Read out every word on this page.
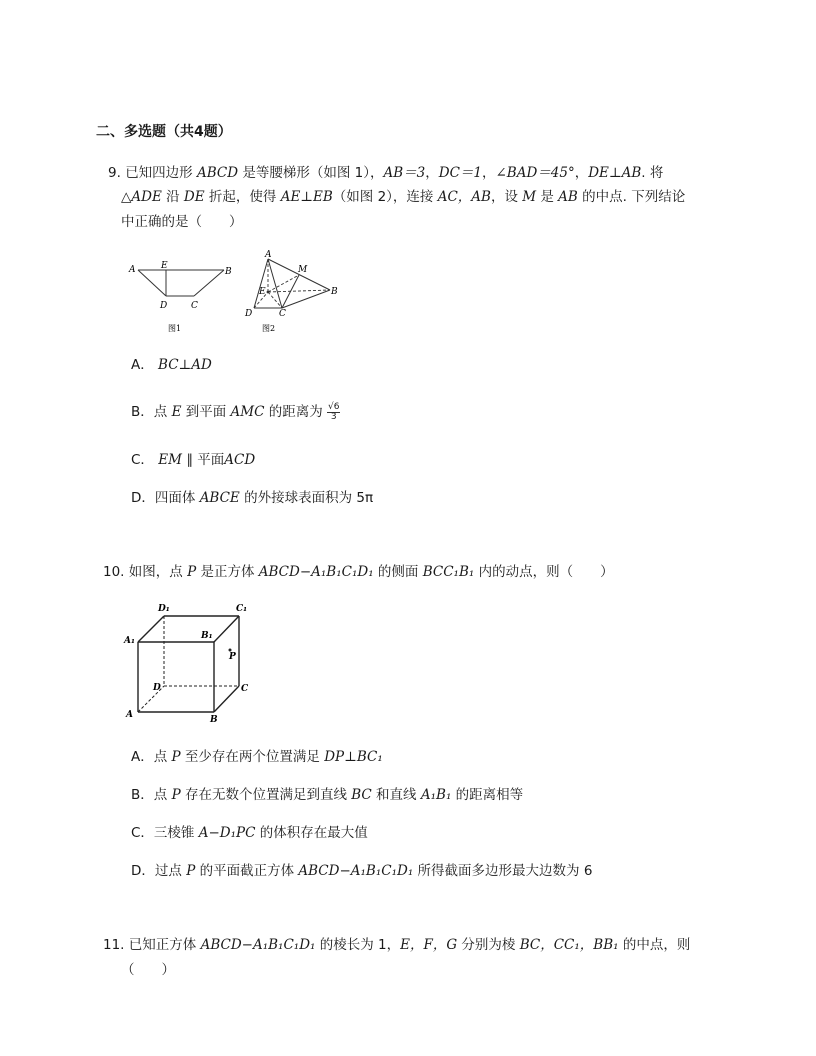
二、多选题（共4题）
9. 已知四边形 ABCD 是等腰梯形（如图 1），AB＝3，DC＝1，∠BAD＝45°，DE⊥AB. 将
△ADE 沿 DE 折起，使得 AE⊥EB（如图 2），连接 AC，AB，设 M 是 AB 的中点. 下列结论
中正确的是（　　）
A	E
B
D	C
图1
A
M
E	B
D	C
图2
A． BC⊥AD
B．点 E 到平面 AMC 的距离为 $\frac{√6}{3}$
C． EM ∥ 平面ACD
D．四面体 ABCE 的外接球表面积为 5π
10. 如图，点 P 是正方体 ABCD−A₁B₁C₁D₁ 的侧面 BCC₁B₁ 内的动点，则（　　）
D₁	C₁
A₁	B₁
P
D	C
A	B
A．点 P 至少存在两个位置满足 DP⊥BC₁
B．点 P 存在无数个位置满足到直线 BC 和直线 A₁B₁ 的距离相等
C．三棱锥 A−D₁PC 的体积存在最大值
D．过点 P 的平面截正方体 ABCD−A₁B₁C₁D₁ 所得截面多边形最大边数为 6
11. 已知正方体 ABCD−A₁B₁C₁D₁ 的棱长为 1，E，F，G 分别为棱 BC，CC₁，BB₁ 的中点，则
（　　）
